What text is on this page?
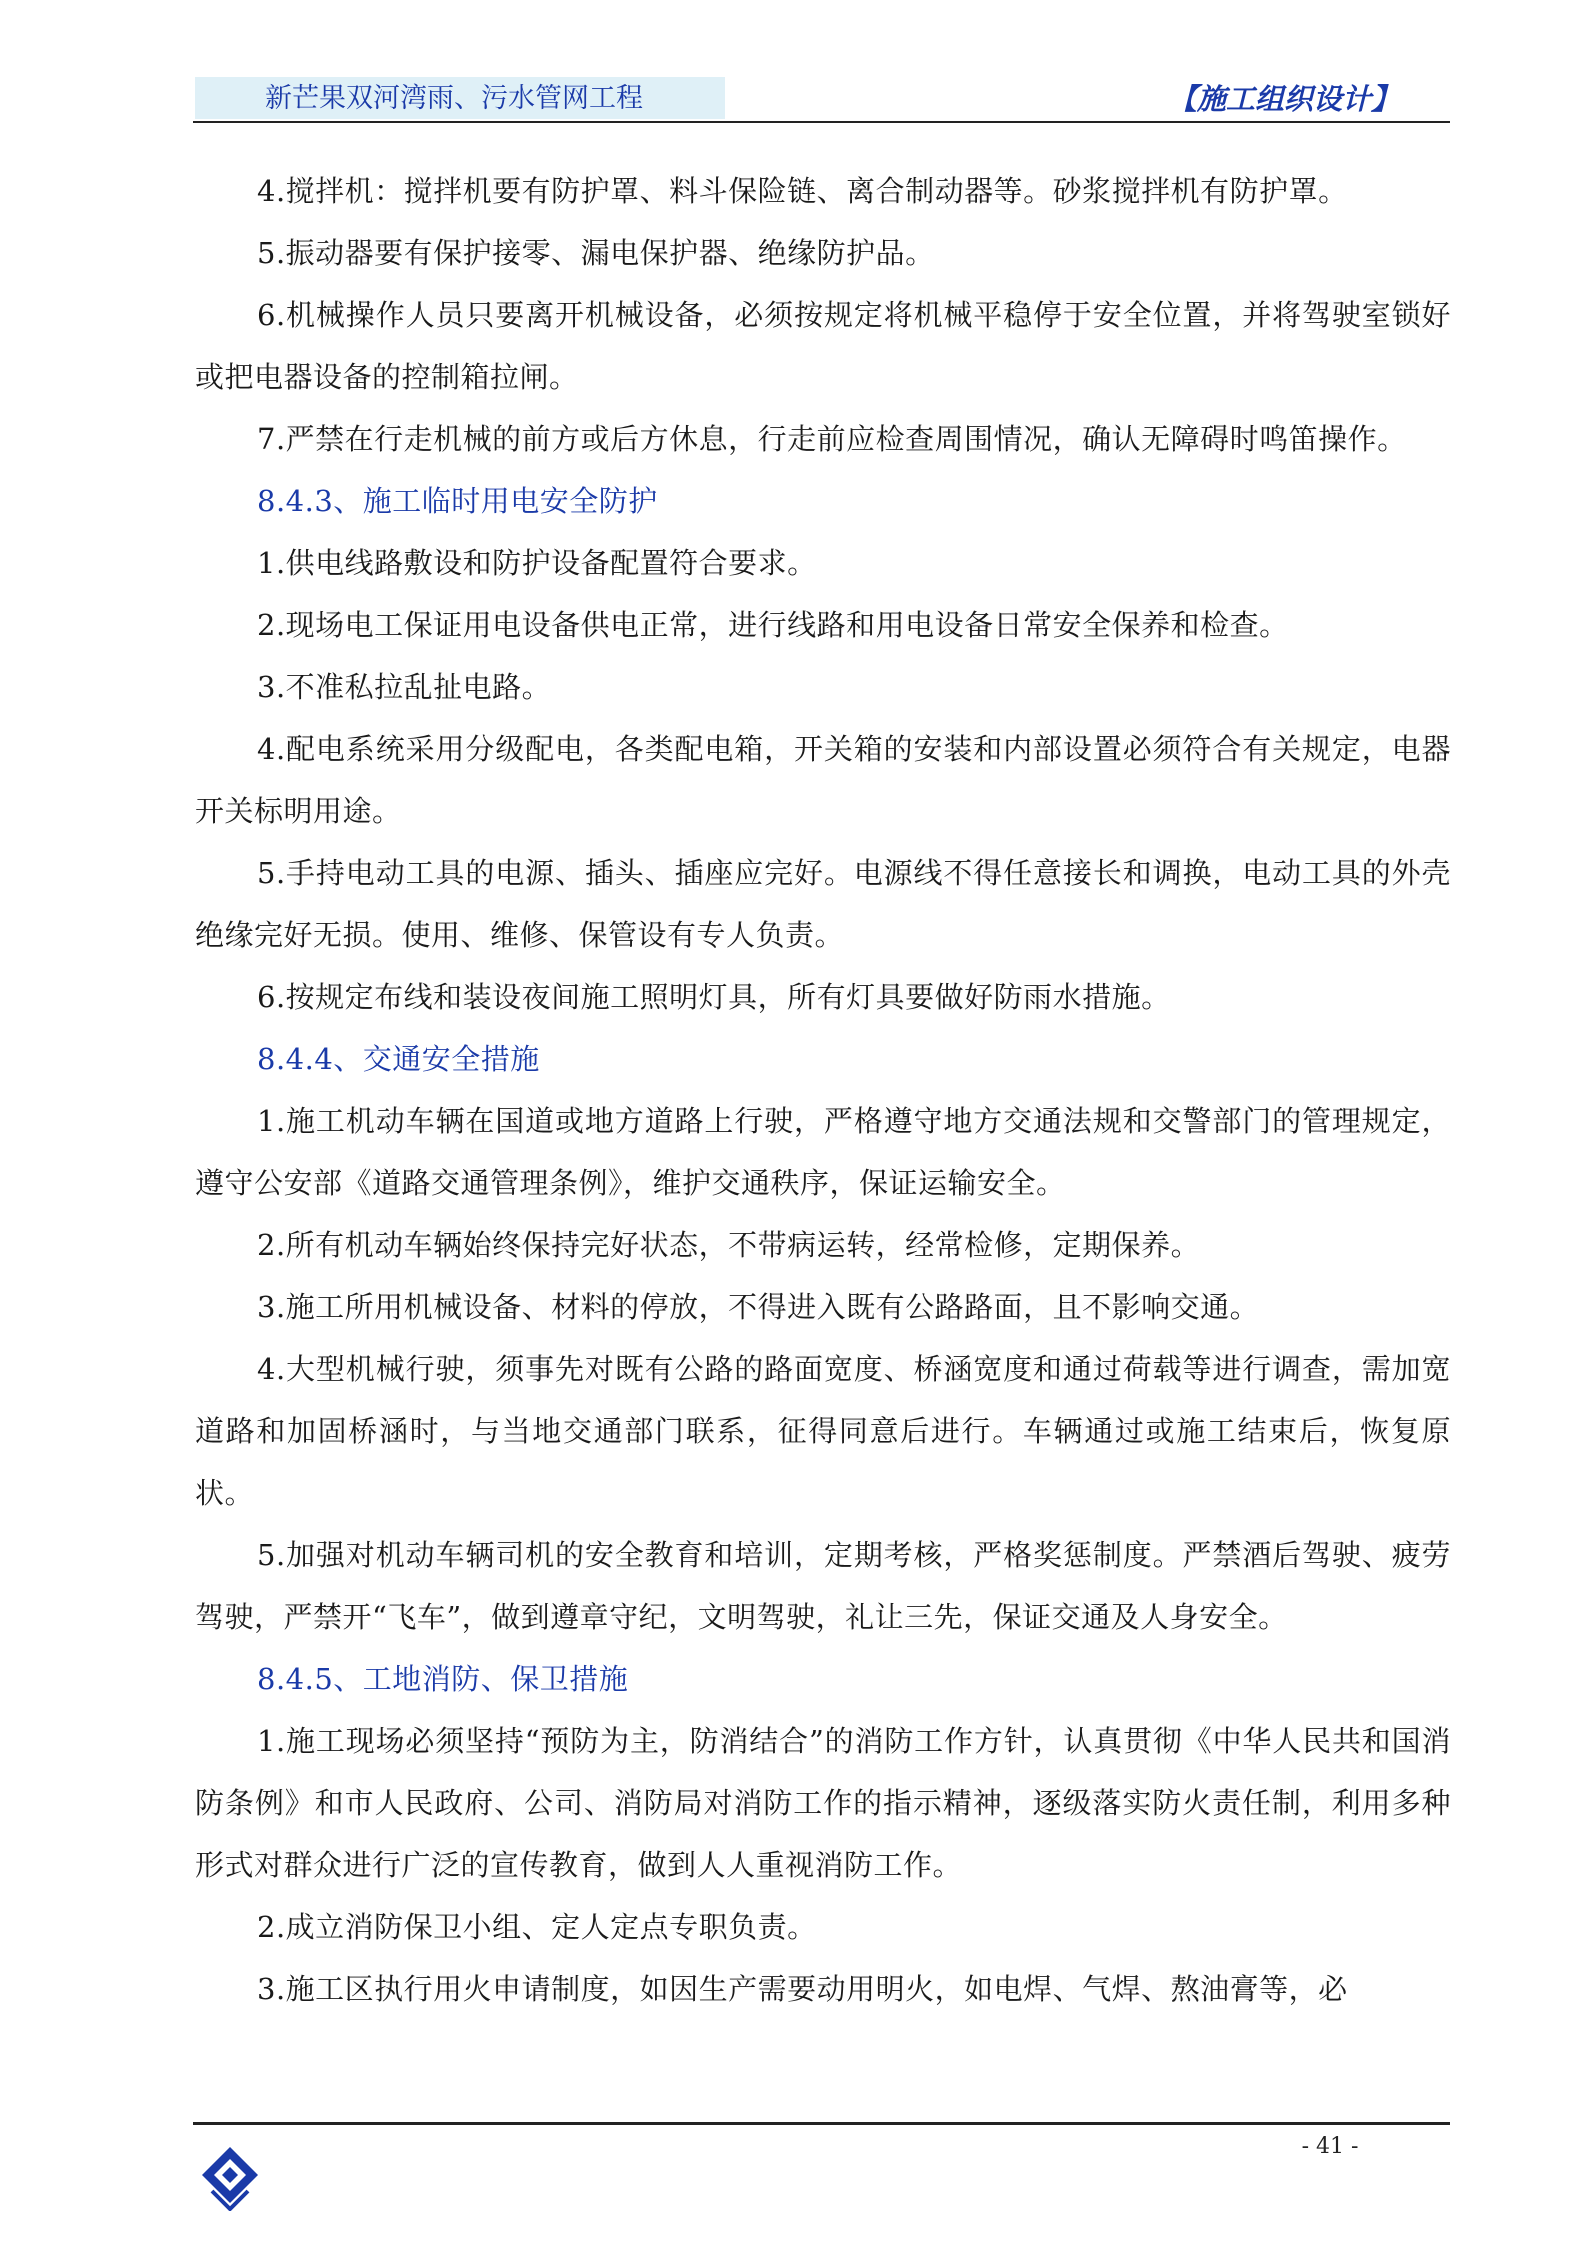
新芒果双河湾雨、污水管网工程	【施工组织设计】

4.搅拌机：搅拌机要有防护罩、料斗保险链、离合制动器等。砂浆搅拌机有防护罩。

5.振动器要有保护接零、漏电保护器、绝缘防护品。

6.机械操作人员只要离开机械设备，必须按规定将机械平稳停于安全位置，并将驾驶室锁好或把电器设备的控制箱拉闸。

7.严禁在行走机械的前方或后方休息，行走前应检查周围情况，确认无障碍时鸣笛操作。

8.4.3、施工临时用电安全防护

1.供电线路敷设和防护设备配置符合要求。

2.现场电工保证用电设备供电正常，进行线路和用电设备日常安全保养和检查。

3.不准私拉乱扯电路。

4.配电系统采用分级配电，各类配电箱，开关箱的安装和内部设置必须符合有关规定，电器开关标明用途。

5.手持电动工具的电源、插头、插座应完好。电源线不得任意接长和调换，电动工具的外壳绝缘完好无损。使用、维修、保管设有专人负责。

6.按规定布线和装设夜间施工照明灯具，所有灯具要做好防雨水措施。

8.4.4、交通安全措施

1.施工机动车辆在国道或地方道路上行驶，严格遵守地方交通法规和交警部门的管理规定，遵守公安部《道路交通管理条例》，维护交通秩序，保证运输安全。

2.所有机动车辆始终保持完好状态，不带病运转，经常检修，定期保养。

3.施工所用机械设备、材料的停放，不得进入既有公路路面，且不影响交通。

4.大型机械行驶，须事先对既有公路的路面宽度、桥涵宽度和通过荷载等进行调查，需加宽道路和加固桥涵时，与当地交通部门联系，征得同意后进行。车辆通过或施工结束后，恢复原状。

5.加强对机动车辆司机的安全教育和培训，定期考核，严格奖惩制度。严禁酒后驾驶、疲劳驾驶，严禁开“飞车”，做到遵章守纪，文明驾驶，礼让三先，保证交通及人身安全。

8.4.5、工地消防、保卫措施

1.施工现场必须坚持“预防为主，防消结合”的消防工作方针，认真贯彻《中华人民共和国消防条例》和市人民政府、公司、消防局对消防工作的指示精神，逐级落实防火责任制，利用多种形式对群众进行广泛的宣传教育，做到人人重视消防工作。

2.成立消防保卫小组、定人定点专职负责。

3.施工区执行用火申请制度，如因生产需要动用明火，如电焊、气焊、熬油膏等，必

- 41 -
